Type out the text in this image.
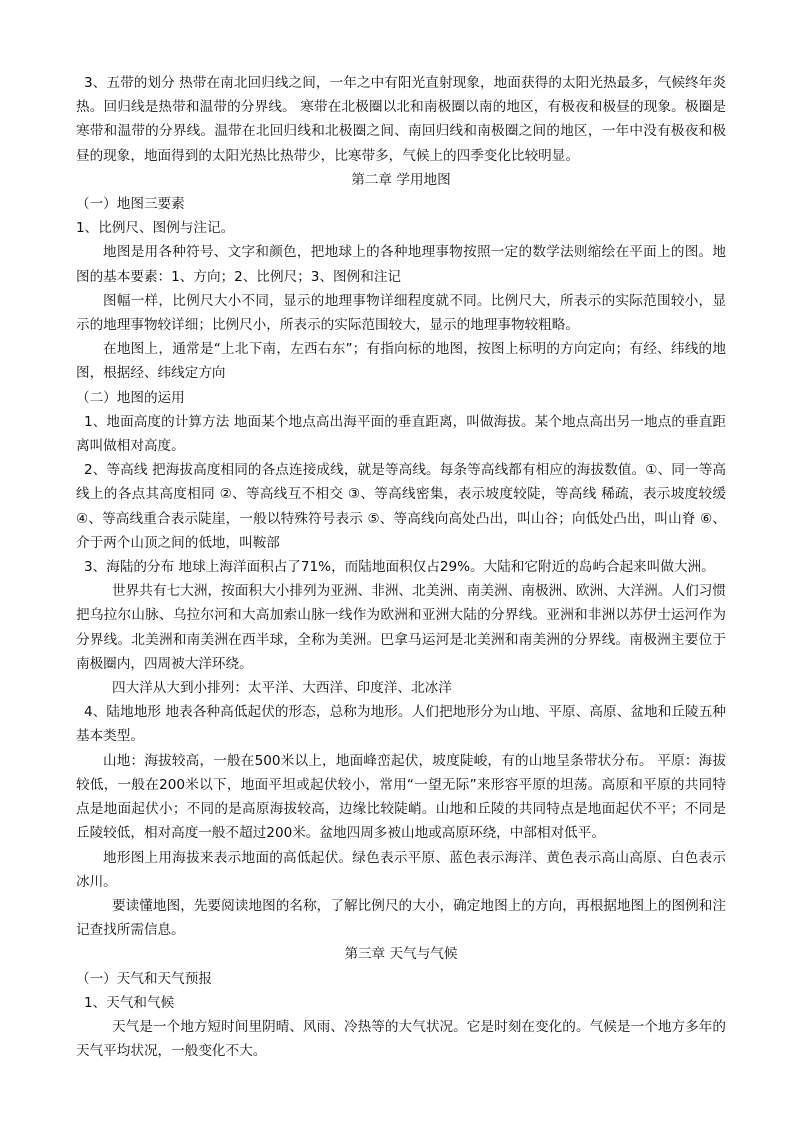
3、五带的划分 热带在南北回归线之间，一年之中有阳光直射现象，地面获得的太阳光热最多，气候终年炎热。回归线是热带和温带的分界线。 寒带在北极圈以北和南极圈以南的地区，有极夜和极昼的现象。极圈是寒带和温带的分界线。温带在北回归线和北极圈之间、南回归线和南极圈之间的地区，一年中没有极夜和极昼的现象，地面得到的太阳光热比热带少，比寒带多，气候上的四季变化比较明显。

第二章 学用地图

（一）地图三要素

1、比例尺、图例与注记。

地图是用各种符号、文字和颜色，把地球上的各种地理事物按照一定的数学法则缩绘在平面上的图。地图的基本要素：1、方向；2、比例尺；3、图例和注记

图幅一样，比例尺大小不同，显示的地理事物详细程度就不同。比例尺大，所表示的实际范围较小，显示的地理事物较详细；比例尺小，所表示的实际范围较大，显示的地理事物较粗略。

在地图上，通常是“上北下南，左西右东”；有指向标的地图，按图上标明的方向定向；有经、纬线的地图，根据经、纬线定方向

（二）地图的运用

1、地面高度的计算方法 地面某个地点高出海平面的垂直距离，叫做海拔。某个地点高出另一地点的垂直距离叫做相对高度。

2、等高线 把海拔高度相同的各点连接成线，就是等高线。每条等高线都有相应的海拔数值。①、同一等高线上的各点其高度相同 ②、等高线互不相交 ③、等高线密集，表示坡度较陡，等高线 稀疏，表示坡度较缓 ④、等高线重合表示陡崖，一般以特殊符号表示 ⑤、等高线向高处凸出，叫山谷；向低处凸出，叫山脊 ⑥、介于两个山顶之间的低地，叫鞍部

3、海陆的分布 地球上海洋面积占了71%，而陆地面积仅占29%。大陆和它附近的岛屿合起来叫做大洲。

世界共有七大洲，按面积大小排列为亚洲、非洲、北美洲、南美洲、南极洲、欧洲、大洋洲。人们习惯把乌拉尔山脉、乌拉尔河和大高加索山脉一线作为欧洲和亚洲大陆的分界线。亚洲和非洲以苏伊士运河作为分界线。北美洲和南美洲在西半球，全称为美洲。巴拿马运河是北美洲和南美洲的分界线。南极洲主要位于南极圈内，四周被大洋环绕。

四大洋从大到小排列：太平洋、大西洋、印度洋、北冰洋

4、陆地地形 地表各种高低起伏的形态，总称为地形。人们把地形分为山地、平原、高原、盆地和丘陵五种基本类型。

山地：海拔较高，一般在500米以上，地面峰峦起伏，坡度陡峻，有的山地呈条带状分布。 平原：海拔较低，一般在200米以下，地面平坦或起伏较小，常用“一望无际”来形容平原的坦荡。高原和平原的共同特点是地面起伏小；不同的是高原海拔较高，边缘比较陡峭。山地和丘陵的共同特点是地面起伏不平；不同是丘陵较低，相对高度一般不超过200米。盆地四周多被山地或高原环绕，中部相对低平。

地形图上用海拔来表示地面的高低起伏。绿色表示平原、蓝色表示海洋、黄色表示高山高原、白色表示冰川。

要读懂地图，先要阅读地图的名称，了解比例尺的大小，确定地图上的方向，再根据地图上的图例和注记查找所需信息。

第三章 天气与气候

（一）天气和天气预报

1、天气和气候

天气是一个地方短时间里阴晴、风雨、冷热等的大气状况。它是时刻在变化的。气候是一个地方多年的天气平均状况，一般变化不大。
